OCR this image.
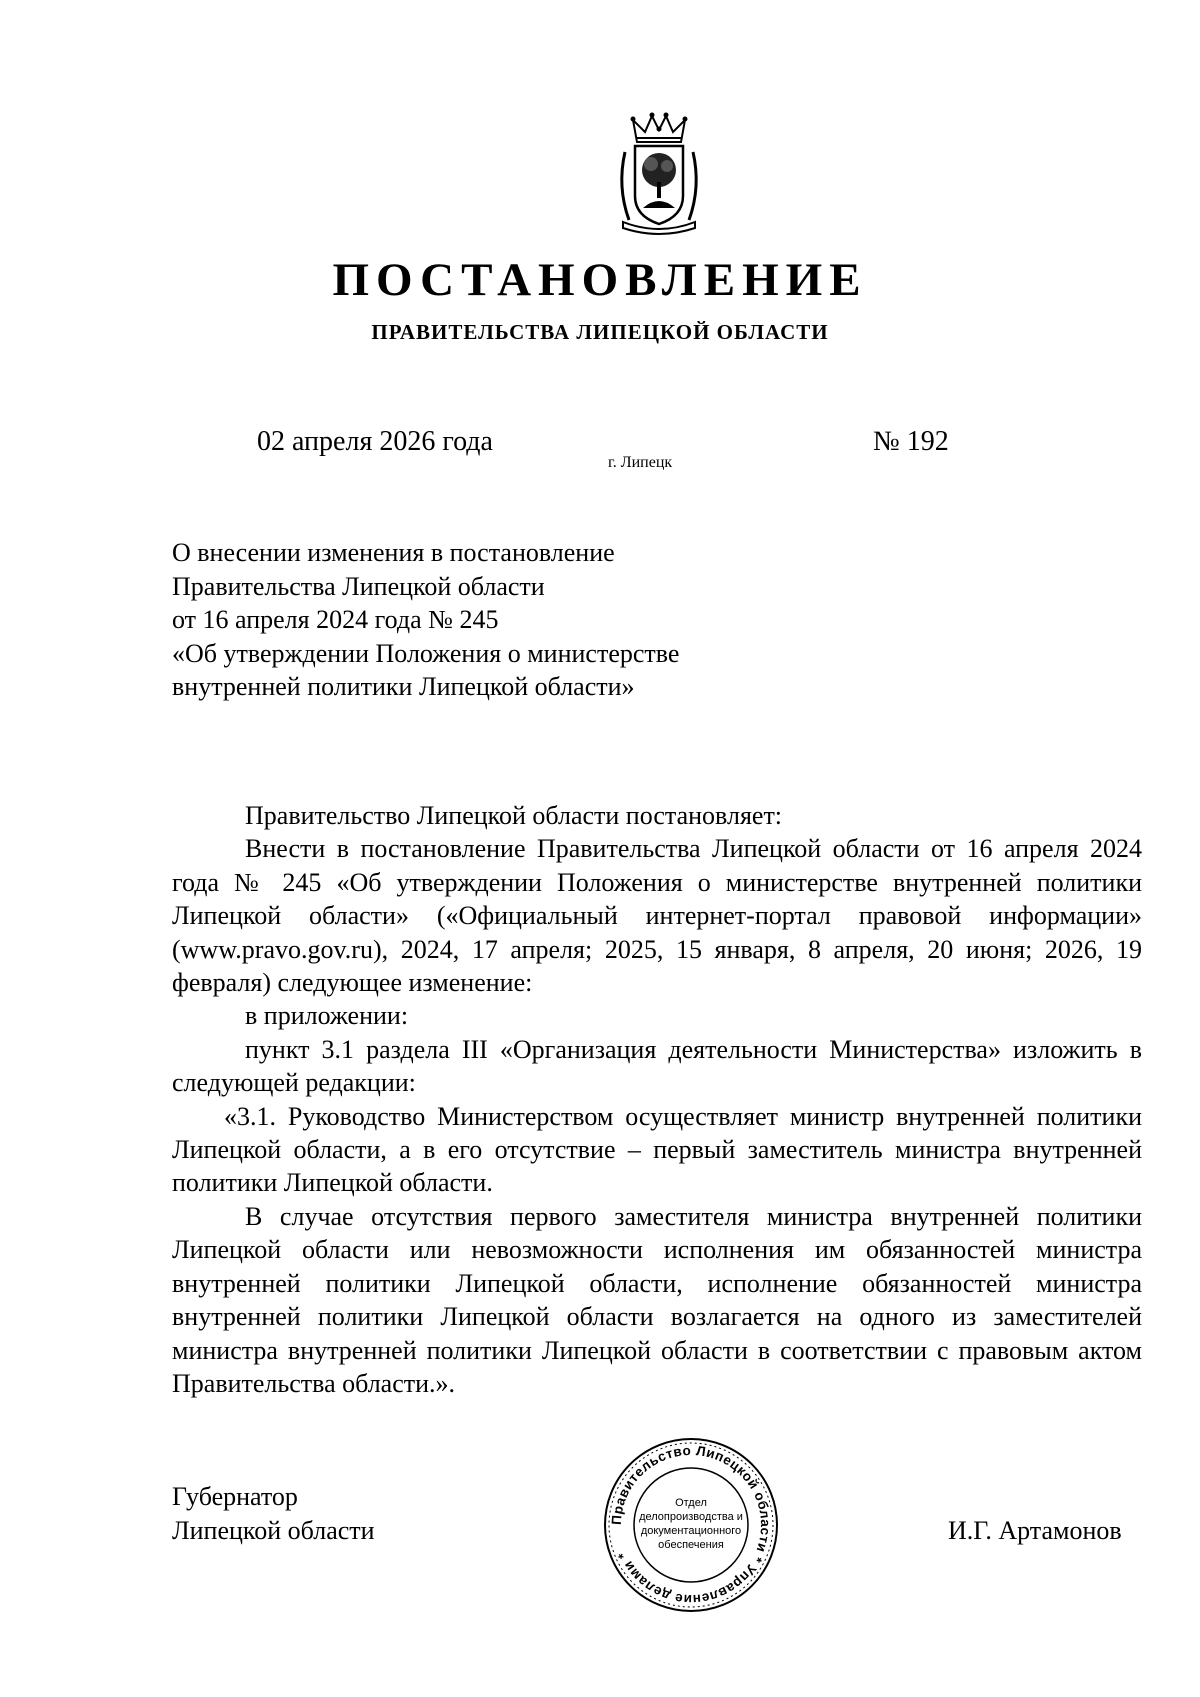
ПОСТАНОВЛЕНИЕ
ПРАВИТЕЛЬСТВА ЛИПЕЦКОЙ ОБЛАСТИ
02 апреля 2026 года
г. Липецк
№ 192
О внесении изменения в постановление
Правительства Липецкой области
от 16 апреля 2024 года № 245
«Об утверждении Положения о министерстве
внутренней политики Липецкой области»

Правительство Липецкой области постановляет:

Внести в постановление Правительства Липецкой области от 16 апреля 2024 года № 245 «Об утверждении Положения о министерстве внутренней политики Липецкой области» («Официальный интернет-портал правовой информации» (www.pravo.gov.ru), 2024, 17 апреля; 2025, 15 января, 8 апреля, 20 июня; 2026, 19 февраля) следующее изменение:

в приложении:

пункт 3.1 раздела III «Организация деятельности Министерства» изложить в следующей редакции:

«3.1. Руководство Министерством осуществляет министр внутренней политики Липецкой области, а в его отсутствие – первый заместитель министра внутренней политики Липецкой области.

В случае отсутствия первого заместителя министра внутренней политики Липецкой области или невозможности исполнения им обязанностей министра внутренней политики Липецкой области, исполнение обязанностей министра внутренней политики Липецкой области возлагается на одного из заместителей министра внутренней политики Липецкой области в соответствии с правовым актом Правительства области.».

Губернатор
Липецкой области	Правительство Липецкой области * Управление делами *
Отдел
делопроизводства и
документационного
обеспечения	И.Г. Артамонов
